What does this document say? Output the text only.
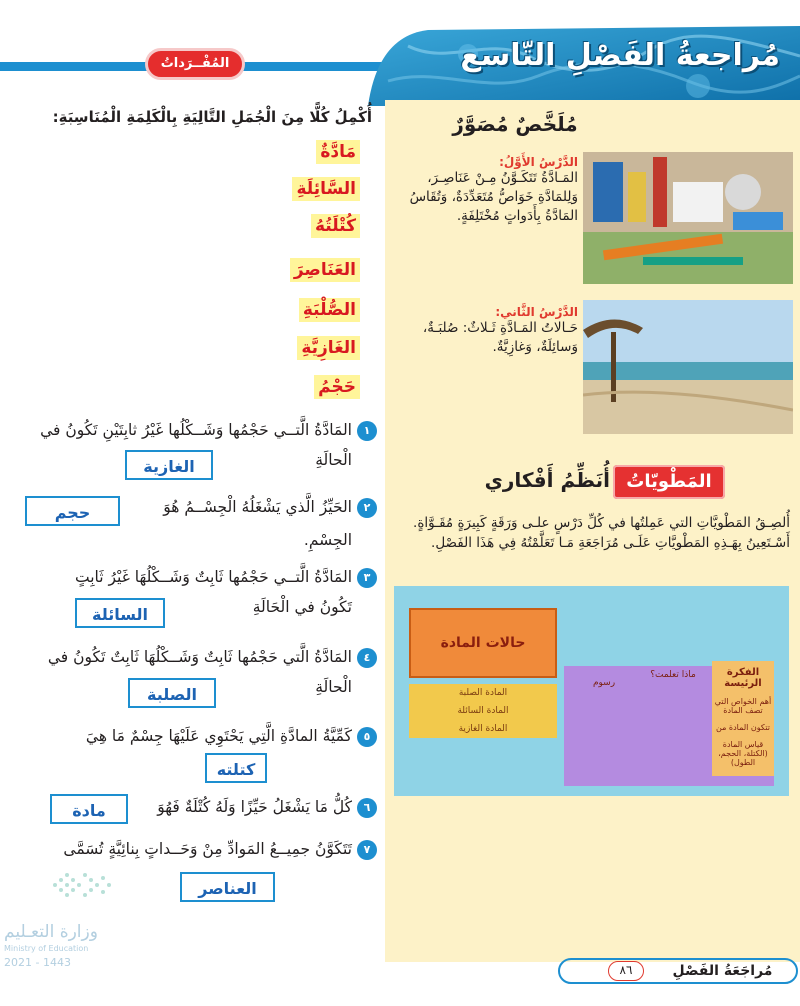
المُفْــرَداتُ	مُراجعةُ الفَصْلِ التّاسع
مُلَخَّصٌ مُصَوَّرٌ
الدَّرْسُ الأَوَّلُ:
المَـادَّةُ تَتَكَـوَّنُ مِـنْ عَنَاصِـرَ، وَلِلمَادَّةِ خَوَاصُّ مُتَعَدِّدَةٌ، وَتُقَاسُ المَادَّةُ بِأَدَواتٍ مُخْتَلِفَةٍ.
الدَّرْسُ الثَّاني:
حَـالاتُ المَـادَّةِ ثَـلاثٌ: صُلبَـةٌ، وَسائِلَةٌ، وَغازِيَّةٌ.
المَطْويّاتُ
أُنَظِّمُ أَفْكاري
أُلصِـقُ المَطْويَّاتِ التي عَمِلتُها في كُلِّ دَرْسٍ علـى وَرَقَةٍ كَبِيرَةٍ مُقَـوَّاةٍ. أَسْـتَعِينُ بِهَـذِهِ المَطْويَّاتِ عَلَـى مُرَاجَعَةِ مَـا تَعَلَّمْتُهُ فِي هَذَا الفَصْلِ.
حالات المادة
المادة الصلبة
المادة السائلة
المادة الغازية
الفكرة الرئيسة
أهم الخواص التي تصف المادة
تتكون المادة من
قياس المادة (الكتلة، الحجم، الطول)
ماذا تعلمت؟
رسوم
أُكْمِلُ كُلًّا مِنَ الْجُمَلِ التَّالِيَةِ بِالْكَلِمَةِ الْمُنَاسِبَةِ:
مَادَّةٌ
السَّائِلَةِ
كُتْلَتُهُ
العَنَاصِرَ
الصُّلْبَةِ
الغَازِيَّةِ
حَجْمُ
١
المَادَّةُ الَّتــي حَجْمُها وَشَــكْلُها غَيْرُ ثابِتَيْنِ تَكُونُ في الْحالَةِ
الغازية
٢
الحَيِّزُ الَّذي يَشْغَلُهُ الْجِسْــمُ هُوَ
حجم
الجِسْمِ.
٣
المَادَّةُ الَّتــي حَجْمُها ثَابِتٌ وَشَــكْلُهَا غَيْرُ ثَابِتٍ تَكُونُ في الْحَالَةِ
السائلة
٤
المَادَّةُ الَّتي حَجْمُها ثَابِتٌ وَشَــكْلُهَا ثَابِتٌ تَكُونُ في الْحالَةِ
الصلبة
٥
كَمِّيَّةُ المادَّةِ الَّتِي يَحْتَوِي عَلَيْهَا جِسْمٌ مَا هِيَ
كتلته
٦
كُلُّ مَا يَشْغَلُ حَيِّزًا وَلَهُ كُتْلَةٌ فَهُوَ
مادة
٧
تَتَكَوَّنُ جمِيــعُ المَوادِّ مِنْ وَحَــداتٍ بِنائِيَّةٍ تُسَمَّى
العناصر
وزارة التعـليم
Ministry of Education
2021 - 1443
مُراجَعَةُ الفَصْلِ
٨٦
